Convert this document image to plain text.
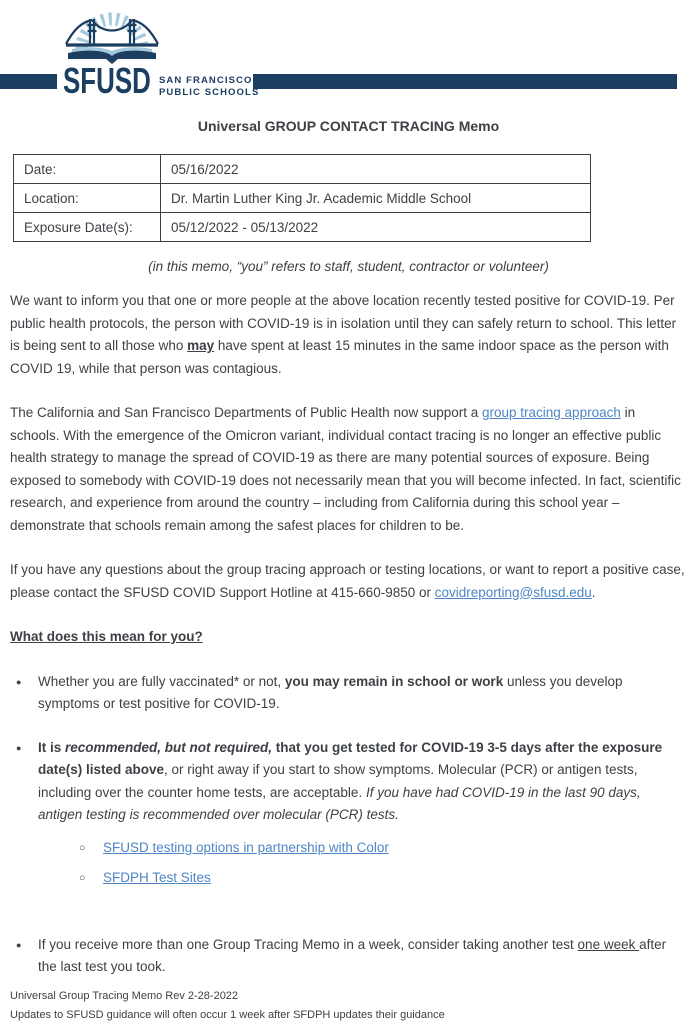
SFUSD SAN FRANCISCO
PUBLIC SCHOOLS
Universal GROUP CONTACT TRACING Memo
Date:	05/16/2022
Location:	Dr. Martin Luther King Jr. Academic Middle School
Exposure Date(s):	05/12/2022 - 05/13/2022
(in this memo, “you” refers to staff, student, contractor or volunteer)

We want to inform you that one or more people at the above location recently tested positive for COVID-19. Per public health protocols, the person with COVID-19 is in isolation until they can safely return to school. This letter is being sent to all those who may have spent at least 15 minutes in the same indoor space as the person with COVID 19, while that person was contagious.

The California and San Francisco Departments of Public Health now support a group tracing approach in schools. With the emergence of the Omicron variant, individual contact tracing is no longer an effective public health strategy to manage the spread of COVID-19 as there are many potential sources of exposure. Being exposed to somebody with COVID-19 does not necessarily mean that you will become infected. In fact, scientific research, and experience from around the country – including from California during this school year – demonstrate that schools remain among the safest places for children to be.

If you have any questions about the group tracing approach or testing locations, or want to report a positive case, please contact the SFUSD COVID Support Hotline at 415-660-9850 or covidreporting@sfusd.edu.

What does this mean for you?
●	Whether you are fully vaccinated* or not, you may remain in school or work unless you develop symptoms or test positive for COVID-19.
●	It is recommended, but not required, that you get tested for COVID-19 3-5 days after the exposure date(s) listed above, or right away if you start to show symptoms. Molecular (PCR) or antigen tests, including over the counter home tests, are acceptable. If you have had COVID-19 in the last 90 days, antigen testing is recommended over molecular (PCR) tests.
○	SFUSD testing options in partnership with Color
○	SFDPH Test Sites
●	If you receive more than one Group Tracing Memo in a week, consider taking another test one week after the last test you took.
Universal Group Tracing Memo Rev 2-28-2022
Updates to SFUSD guidance will often occur 1 week after SFDPH updates their guidance
